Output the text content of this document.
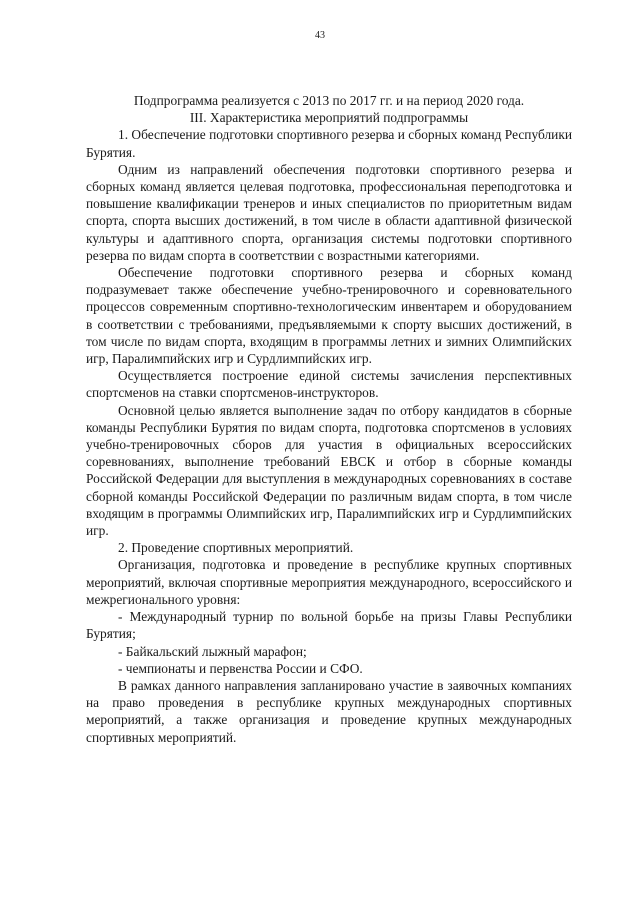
43

Подпрограмма реализуется с 2013 по 2017 гг. и на период 2020 года.

III. Характеристика мероприятий подпрограммы

1. Обеспечение подготовки спортивного резерва и сборных команд Республики Бурятия.

Одним из направлений обеспечения подготовки спортивного резерва и сборных команд является целевая подготовка, профессиональная переподготовка и повышение квалификации тренеров и иных специалистов по приоритетным видам спорта, спорта высших достижений, в том числе в области адаптивной физической культуры и адаптивного спорта, организация системы подготовки спортивного резерва по видам спорта в соответствии с возрастными категориями.

Обеспечение подготовки спортивного резерва и сборных команд подразумевает также обеспечение учебно-тренировочного и соревновательного процессов современным спортивно-технологическим инвентарем и оборудованием в соответствии с требованиями, предъявляемыми к спорту высших достижений, в том числе по видам спорта, входящим в программы летних и зимних Олимпийских игр, Паралимпийских игр и Сурдлимпийских игр.

Осуществляется построение единой системы зачисления перспективных спортсменов на ставки спортсменов-инструкторов.

Основной целью является выполнение задач по отбору кандидатов в сборные команды Республики Бурятия по видам спорта, подготовка спортсменов в условиях учебно-тренировочных сборов для участия в официальных всероссийских соревнованиях, выполнение требований ЕВСК и отбор в сборные команды Российской Федерации для выступления в международных соревнованиях в составе сборной команды Российской Федерации по различным видам спорта, в том числе входящим в программы Олимпийских игр, Паралимпийских игр и Сурдлимпийских игр.

2. Проведение спортивных мероприятий.

Организация, подготовка и проведение в республике крупных спортивных мероприятий, включая спортивные мероприятия международного, всероссийского и межрегионального уровня:

- Международный турнир по вольной борьбе на призы Главы Республики Бурятия;

- Байкальский лыжный марафон;

- чемпионаты и первенства России и СФО.

В рамках данного направления запланировано участие в заявочных компаниях на право проведения в республике крупных международных спортивных мероприятий, а также организация и проведение крупных международных спортивных мероприятий.
